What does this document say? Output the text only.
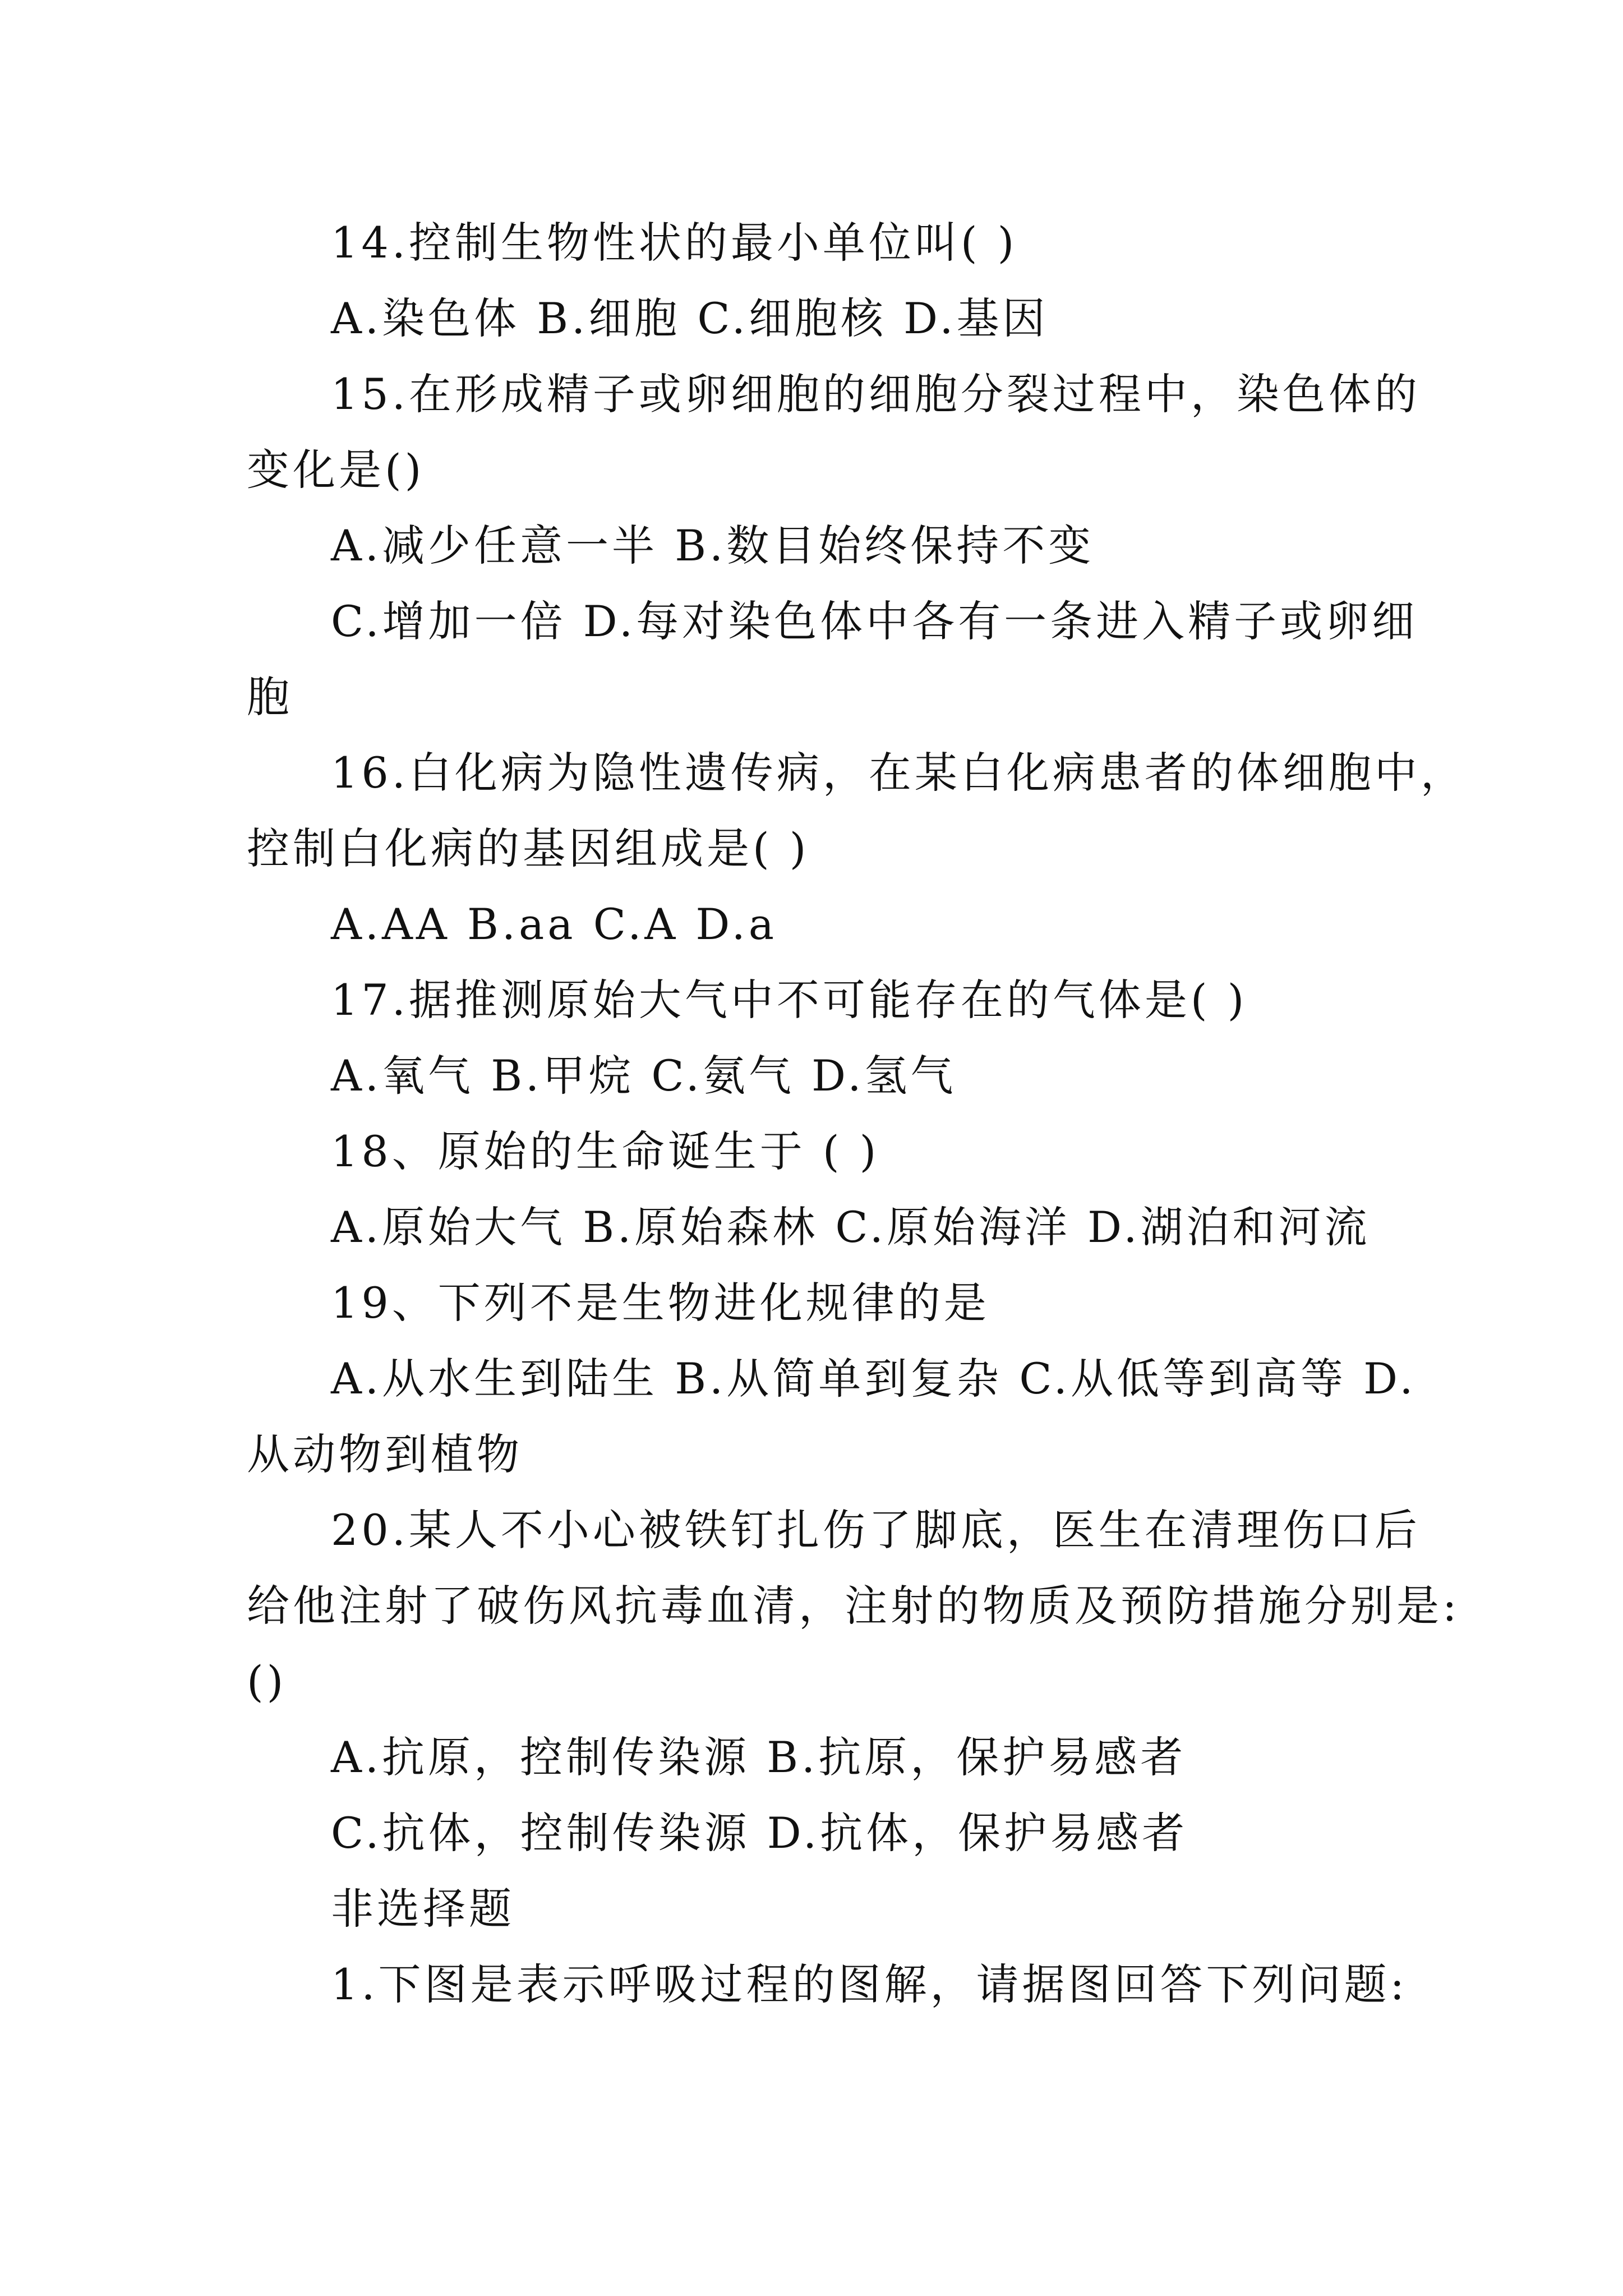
14.控制生物性状的最小单位叫( )
A.染色体 B.细胞 C.细胞核 D.基因
15.在形成精子或卵细胞的细胞分裂过程中，染色体的
变化是()
A.减少任意一半 B.数目始终保持不变
C.增加一倍 D.每对染色体中各有一条进入精子或卵细
胞
16.白化病为隐性遗传病，在某白化病患者的体细胞中，
控制白化病的基因组成是( )
A.AA B.aa C.A D.a
17.据推测原始大气中不可能存在的气体是( )
A.氧气 B.甲烷 C.氨气 D.氢气
18、原始的生命诞生于 ( )
A.原始大气 B.原始森林 C.原始海洋 D.湖泊和河流
19、下列不是生物进化规律的是
A.从水生到陆生 B.从简单到复杂 C.从低等到高等 D.
从动物到植物
20.某人不小心被铁钉扎伤了脚底，医生在清理伤口后
给他注射了破伤风抗毒血清，注射的物质及预防措施分别是:
()
A.抗原，控制传染源 B.抗原，保护易感者
C.抗体，控制传染源 D.抗体，保护易感者
非选择题
1.下图是表示呼吸过程的图解，请据图回答下列问题:
